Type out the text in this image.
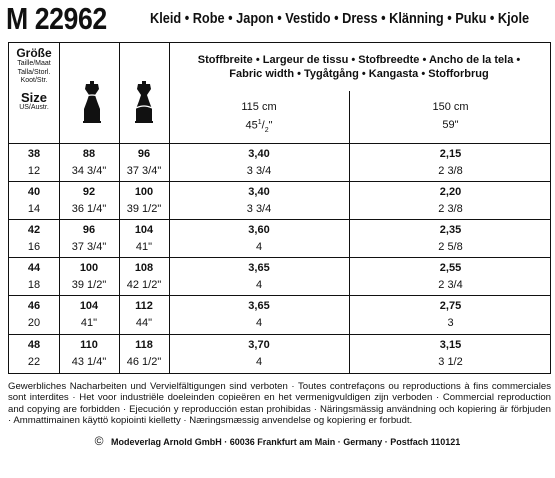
M 22962	Kleid • Robe • Japon • Vestido • Dress • Klänning • Puku • Kjole
Größe
Taille/Maat
Talla/Storl.
Koot/Str.
Size
US/Austr.
Stoffbreite • Largeur de tissu • Stofbreedte • Ancho de la tela •
Fabric width • Tygåtgång • Kangasta • Stofforbrug
115 cm
$45^1/_2$"
150 cm
59"
38
12
88
34 3/4"
96
37 3/4"
3,40
3 3/4
2,15
2 3/8
40
14
92
36 1/4"
100
39 1/2"
3,40
3 3/4
2,20
2 3/8
42
16
96
37 3/4"
104
41"
3,60
4
2,35
2 5/8
44
18
100
39 1/2"
108
42 1/2"
3,65
4
2,55
2 3/4
46
20
104
41"
112
44"
3,65
4
2,75
3
48
22
110
43 1/4"
118
46 1/2"
3,70
4
3,15
3 1/2
Gewerbliches Nacharbeiten und Vervielfältigungen sind verboten · Toutes contrefaçons ou reproductions à fins commerciales sont interdites · Het voor industriële doeleinden copieëren en het vermenigvuldigen zijn verboden · Commercial reproduction and copying are forbidden · Ejecución y reproducción estan prohibidas · Näringsmässig användning och kopiering är förbjuden · Ammattimainen käyttö kopiointi kielletty · Næringsmæssig anvendelse og kopiering er forbudt.
© Modeverlag Arnold GmbH · 60036 Frankfurt am Main · Germany · Postfach 110121
